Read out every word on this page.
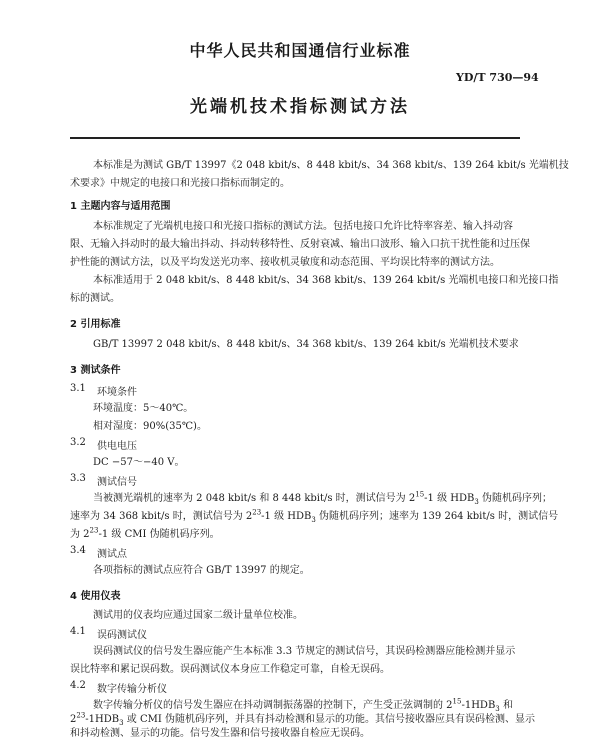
中华人民共和国通信行业标准
YD/T 730—94
光端机技术指标测试方法
本标准是为测试 GB/T 13997《2 048 kbit/s、8 448 kbit/s、34 368 kbit/s、139 264 kbit/s 光端机技
术要求》中规定的电接口和光接口指标而制定的。
1 主题内容与适用范围
本标准规定了光端机电接口和光接口指标的测试方法。包括电接口允许比特率容差、输入抖动容
限、无输入抖动时的最大输出抖动、抖动转移特性、反射衰减、输出口波形、输入口抗干扰性能和过压保
护性能的测试方法，以及平均发送光功率、接收机灵敏度和动态范围、平均误比特率的测试方法。
本标准适用于 2 048 kbit/s、8 448 kbit/s、34 368 kbit/s、139 264 kbit/s 光端机电接口和光接口指
标的测试。
2 引用标准
GB/T 13997 2 048 kbit/s、8 448 kbit/s、34 368 kbit/s、139 264 kbit/s 光端机技术要求
3 测试条件
3.1 环境条件
环境温度：5～40℃。
相对湿度：90%(35℃)。
3.2 供电电压
DC −57～−40 V。
3.3 测试信号
当被测光端机的速率为 2 048 kbit/s 和 8 448 kbit/s 时，测试信号为 $2^{15}-1$ 级 $HDB_3$ 伪随机码序列；
速率为 34 368 kbit/s 时，测试信号为 $2^{23}-1$ 级 $HDB_3$ 伪随机码序列；速率为 139 264 kbit/s 时，测试信号
为 $2^{23}-1$ 级 CMI 伪随机码序列。
3.4 测试点
各项指标的测试点应符合 GB/T 13997 的规定。
4 使用仪表
测试用的仪表均应通过国家二级计量单位校准。
4.1 误码测试仪
误码测试仪的信号发生器应能产生本标准 3.3 节规定的测试信号，其误码检测器应能检测并显示
误比特率和累记误码数。误码测试仪本身应工作稳定可靠，自检无误码。
4.2 数字传输分析仪
数字传输分析仪的信号发生器应在抖动调制振荡器的控制下，产生受正弦调制的 $2^{15}-1HDB_3$ 和
$2^{23}-1HDB_3$ 或 CMI 伪随机码序列，并具有抖动检测和显示的功能。其信号接收器应具有误码检测、显示
和抖动检测、显示的功能。信号发生器和信号接收器自检应无误码。
